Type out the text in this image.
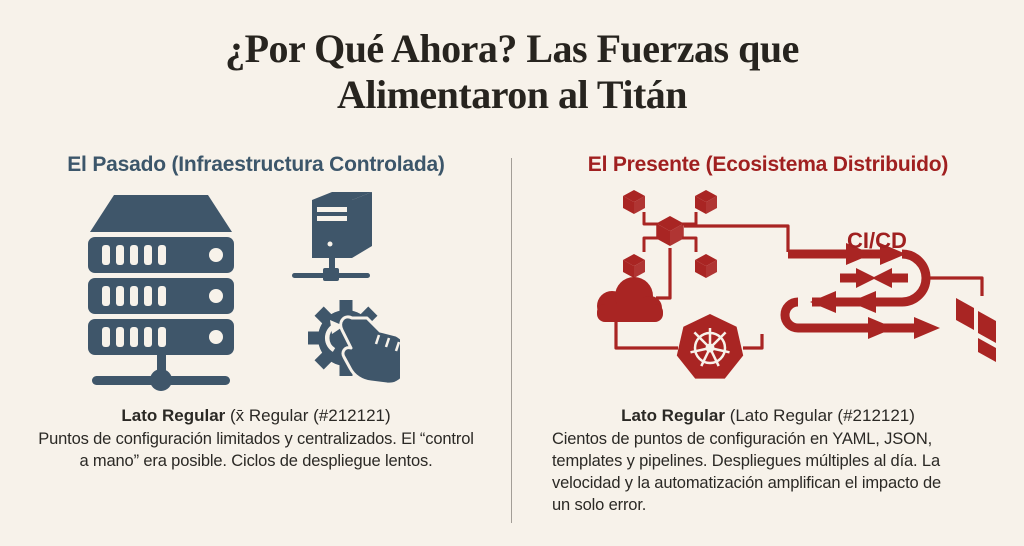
¿Por Qué Ahora? Las Fuerzas que
Alimentaron al Titán
El Pasado (Infraestructura Controlada)	El Presente (Ecosistema Distribuido)
CI/CD
Lato Regular (x̄ Regular (#212121)
Puntos de configuración limitados y centralizados. El “control a mano” era posible. Ciclos de despliegue lentos.
Lato Regular (Lato Regular (#212121)
Cientos de puntos de configuración en YAML, JSON, templates y pipelines. Despliegues múltiples al día. La velocidad y la automatización amplifican el impacto de un solo error.
